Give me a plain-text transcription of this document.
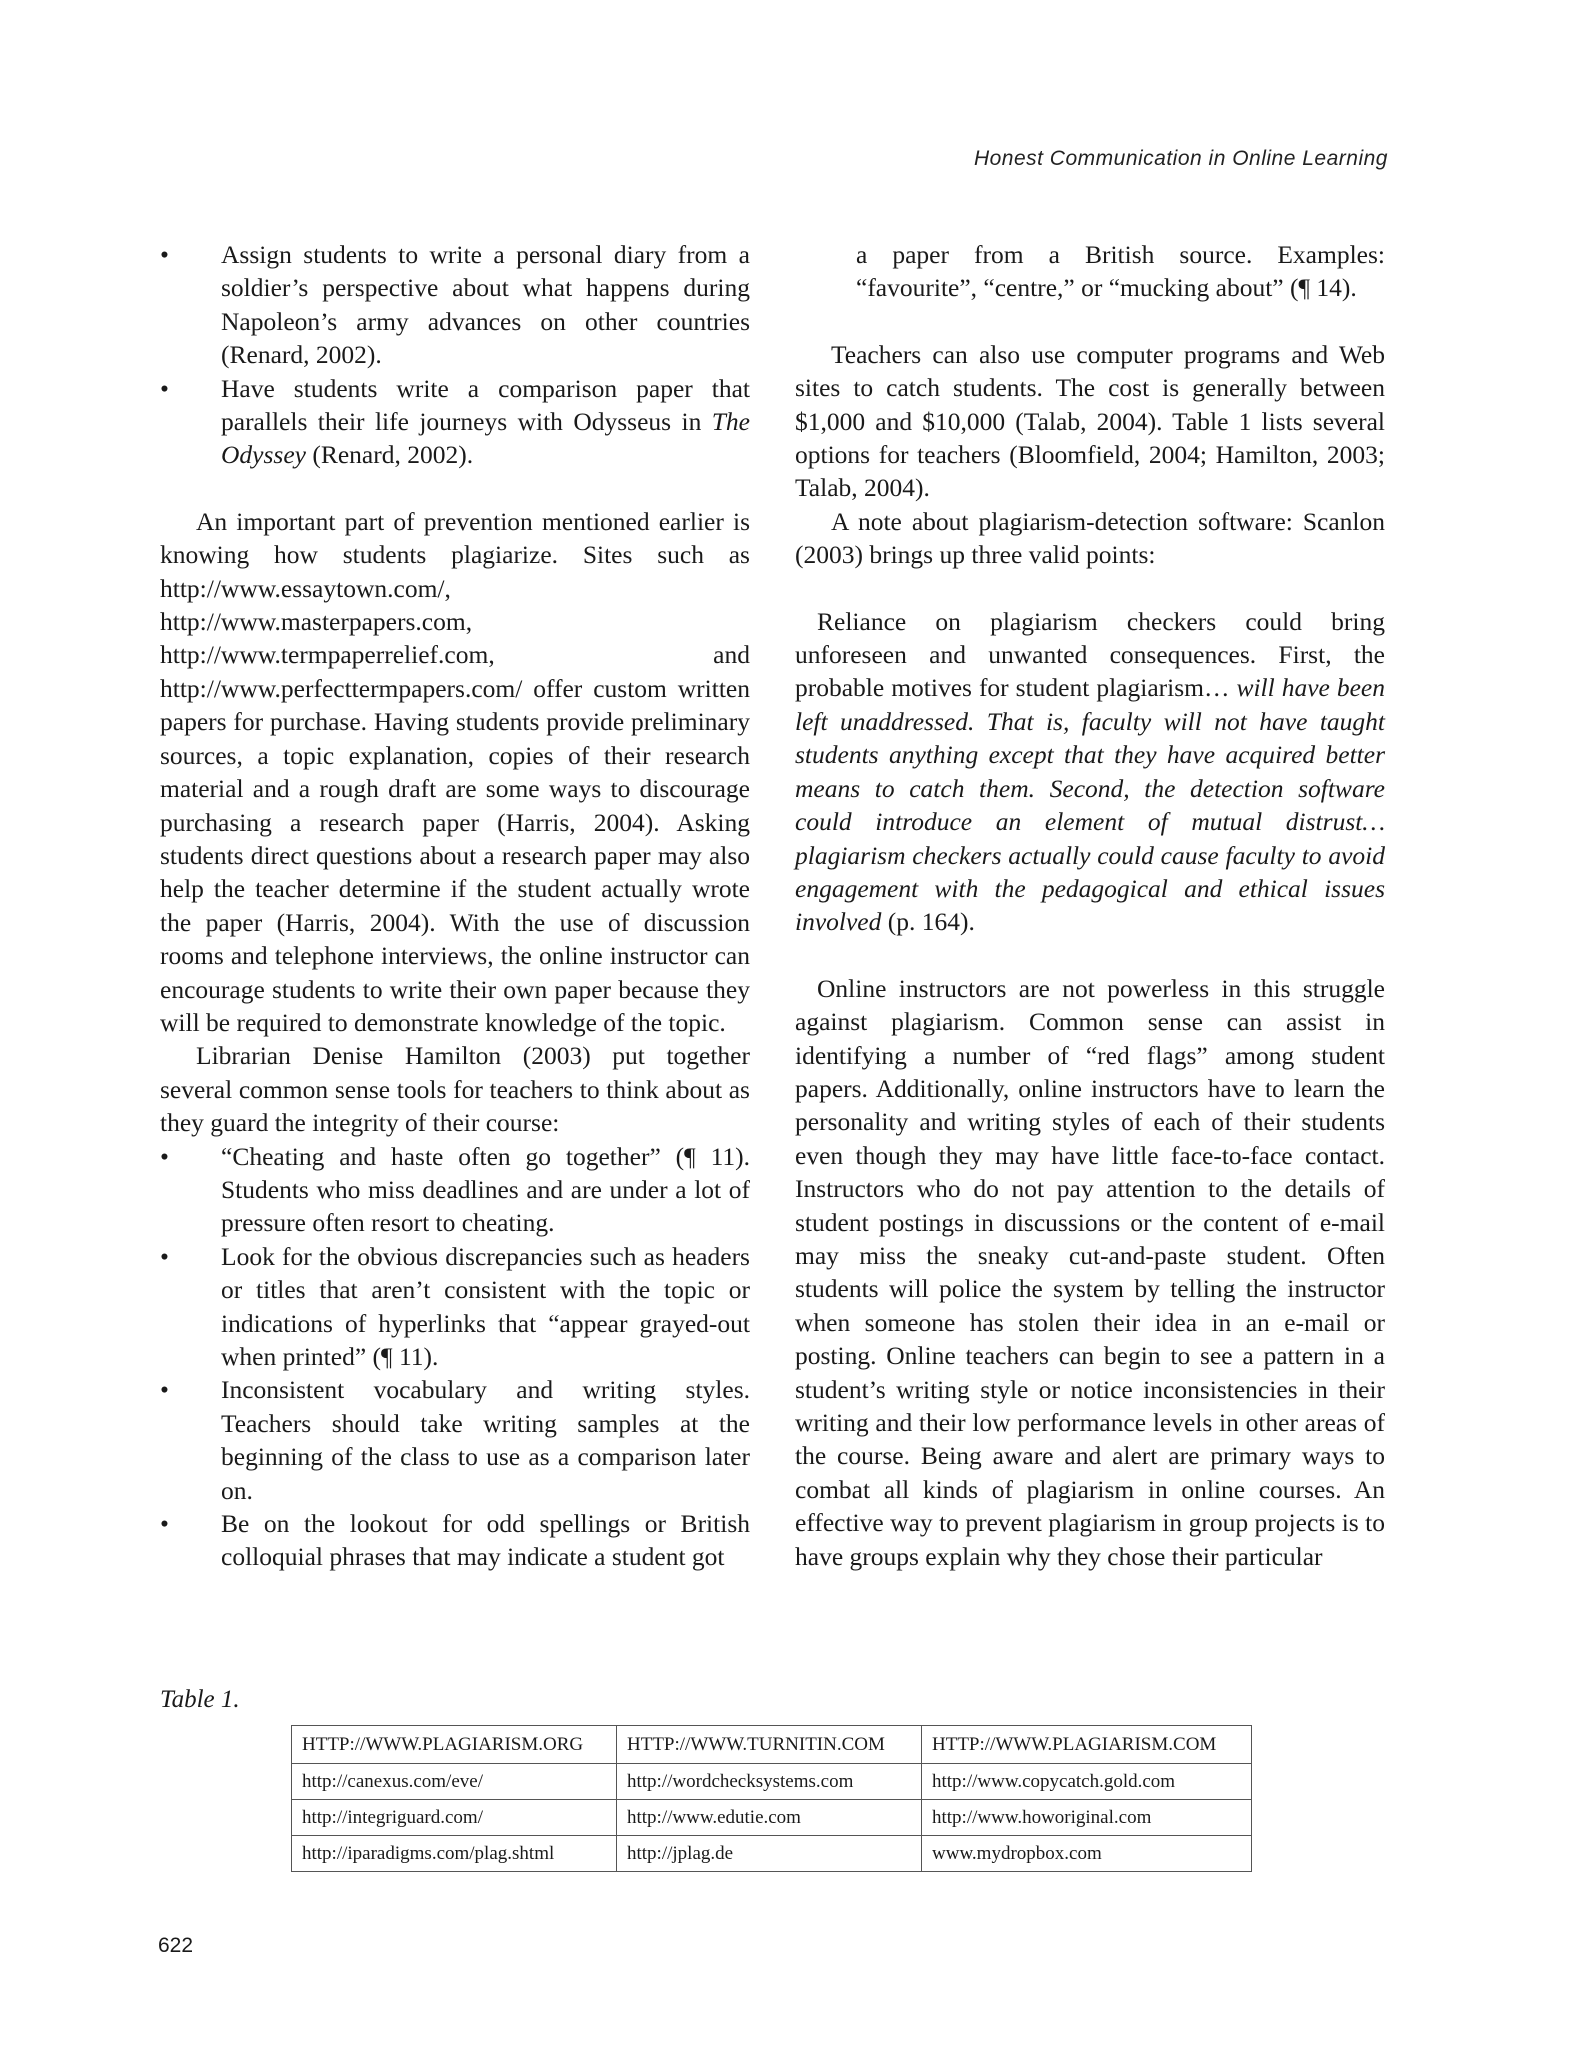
Honest Communication in Online Learning
•	Assign students to write a personal diary from a soldier’s perspective about what happens during Napoleon’s army advances on other countries (Renard, 2002).
•	Have students write a comparison paper that parallels their life journeys with Odysseus in The Odyssey (Renard, 2002).

An important part of prevention mentioned earlier is knowing how students plagiarize. Sites such as http://www.essaytown.com/, http://www.masterpapers.com, http://www.termpaperrelief.com, and http://www.perfecttermpapers.com/ offer custom written papers for purchase. Having students provide preliminary sources, a topic explanation, copies of their research material and a rough draft are some ways to discourage purchasing a research paper (Harris, 2004). Asking students direct questions about a research paper may also help the teacher determine if the student actually wrote the paper (Harris, 2004). With the use of discussion rooms and telephone interviews, the online instructor can encourage students to write their own paper because they will be required to demonstrate knowledge of the topic.

Librarian Denise Hamilton (2003) put together several common sense tools for teachers to think about as they guard the integrity of their course:

•	“Cheating and haste often go together” (¶ 11). Students who miss deadlines and are under a lot of pressure often resort to cheating.
•	Look for the obvious discrepancies such as headers or titles that aren’t consistent with the topic or indications of hyperlinks that “appear grayed-out when printed” (¶ 11).
•	Inconsistent vocabulary and writing styles. Teachers should take writing samples at the beginning of the class to use as a comparison later on.
•	Be on the lookout for odd spellings or British colloquial phrases that may indicate a student got

a paper from a British source. Examples: “favourite”, “centre,” or “mucking about” (¶ 14).

Teachers can also use computer programs and Web sites to catch students. The cost is generally between $1,000 and $10,000 (Talab, 2004). Table 1 lists several options for teachers (Bloomfield, 2004; Hamilton, 2003; Talab, 2004).

A note about plagiarism-detection software: Scanlon (2003) brings up three valid points:

Reliance on plagiarism checkers could bring unforeseen and unwanted consequences. First, the probable motives for student plagiarism… will have been left unaddressed. That is, faculty will not have taught students anything except that they have acquired better means to catch them. Second, the detection software could introduce an element of mutual distrust…plagiarism checkers actually could cause faculty to avoid engagement with the pedagogical and ethical issues involved (p. 164).

Online instructors are not powerless in this struggle against plagiarism. Common sense can assist in identifying a number of “red flags” among student papers. Additionally, online instructors have to learn the personality and writing styles of each of their students even though they may have little face-to-face contact. Instructors who do not pay attention to the details of student postings in discussions or the content of e-mail may miss the sneaky cut-and-paste student. Often students will police the system by telling the instructor when someone has stolen their idea in an e-mail or posting. Online teachers can begin to see a pattern in a student’s writing style or notice inconsistencies in their writing and their low performance levels in other areas of the course. Being aware and alert are primary ways to combat all kinds of plagiarism in online courses. An effective way to prevent plagiarism in group projects is to have groups explain why they chose their particular

Table 1.
HTTP://WWW.PLAGIARISM.ORG	HTTP://WWW.TURNITIN.COM	HTTP://WWW.PLAGIARISM.COM
http://canexus.com/eve/	http://wordchecksystems.com	http://www.copycatch.gold.com
http://integriguard.com/	http://www.edutie.com	http://www.howoriginal.com
http://iparadigms.com/plag.shtml	http://jplag.de	www.mydropbox.com
622
